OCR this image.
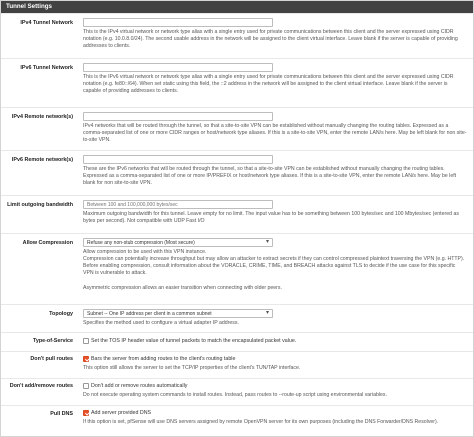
Tunnel Settings
IPv4 Tunnel Network
This is the IPv4 virtual network or network type alias with a single entry used for private communications between this client and the server expressed using CIDR notation (e.g. 10.0.8.0/24). The second usable address in the network will be assigned to the client virtual interface. Leave blank if the server is capable of providing addresses to clients.
IPv6 Tunnel Network
This is the IPv6 virtual network or network type alias with a single entry used for private communications between this client and the server expressed using CIDR notation (e.g. fe80::/64). When set static using this field, the ::2 address in the network will be assigned to the client virtual interface. Leave blank if the server is capable of providing addresses to clients.
IPv4 Remote network(s)
IPv4 networks that will be routed through the tunnel, so that a site-to-site VPN can be established without manually changing the routing tables. Expressed as a comma-separated list of one or more CIDR ranges or host/network type aliases. If this is a site-to-site VPN, enter the remote LAN/s here. May be left blank for non site-to-site VPN.
IPv6 Remote network(s)
These are the IPv6 networks that will be routed through the tunnel, so that a site-to-site VPN can be established without manually changing the routing tables. Expressed as a comma-separated list of one or more IP/PREFIX or host/network type aliases. If this is a site-to-site VPN, enter the remote LAN/s here. May be left blank for non site-to-site VPN.
Limit outgoing bandwidth
Between 100 and 100,000,000 bytes/sec
Maximum outgoing bandwidth for this tunnel. Leave empty for no limit. The input value has to be something between 100 bytes/sec and 100 Mbytes/sec (entered as bytes per second). Not compatible with UDP Fast I/O
Allow Compression	Refuse any non-stub compression (Most secure) ▾

Allow compression to be used with this VPN instance.

Compression can potentially increase throughput but may allow an attacker to extract secrets if they can control compressed plaintext traversing the VPN (e.g. HTTP). Before enabling compression, consult information about the VORACLE, CRIME, TIME, and BREACH attacks against TLS to decide if the use case for this specific VPN is vulnerable to attack.

Asymmetric compression allows an easier transition when connecting with older peers.

Topology	Subnet -- One IP address per client in a common subnet ▾
Specifies the method used to configure a virtual adapter IP address.
Type-of-Service	Set the TOS IP header value of tunnel packets to match the encapsulated packet value.
Don't pull routes	Bars the server from adding routes to the client's routing table
This option still allows the server to set the TCP/IP properties of the client's TUN/TAP interface.
Don't add/remove routes	Don't add or remove routes automatically
Do not execute operating system commands to install routes. Instead, pass routes to --route-up script using environmental variables.
Pull DNS	Add server provided DNS
If this option is set, pfSense will use DNS servers assigned by remote OpenVPN server for its own purposes (including the DNS Forwarder/DNS Resolver).
